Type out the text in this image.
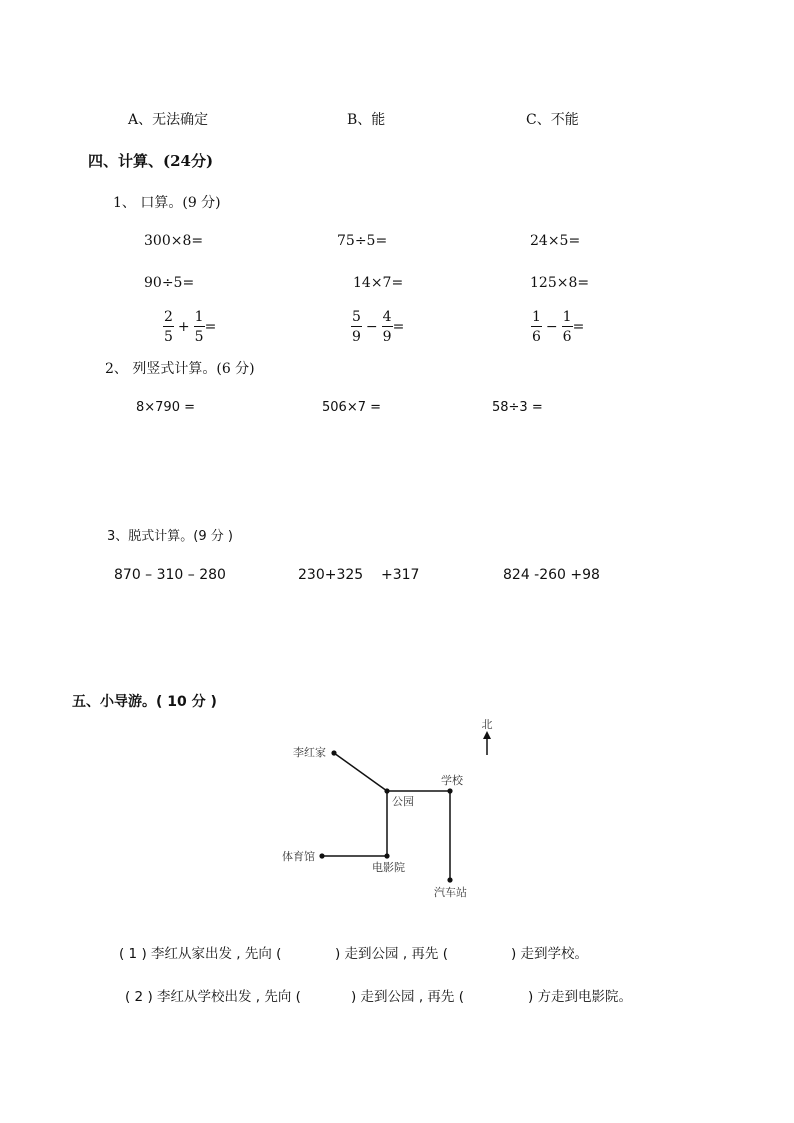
A、无法确定	B、能	C、不能
四、计算、(24分)
1、 口算。(9 分)
300×8=	75÷5=	24×5=
90÷5=	14×7=	125×8=
$\frac{2}{5} + \frac{1}{5}$ =	$\frac{5}{9} - \frac{4}{9}$ =	$\frac{1}{6} - \frac{1}{6}$ =
2、 列竖式计算。(6 分)
8×790 =	506×7 =	58÷3 =
3、脱式计算。(9 分 )
870 – 310 – 280	230+325    +317	824 -260 +98
五、小导游。( 10 分 )
北
李红家
公园
学校
体育馆
电影院
汽车站
( 1 ) 李红从家出发 , 先向 (	) 走到公园 , 再先 (	) 走到学校。
( 2 ) 李红从学校出发 , 先向 (	) 走到公园 , 再先 (	) 方走到电影院。
